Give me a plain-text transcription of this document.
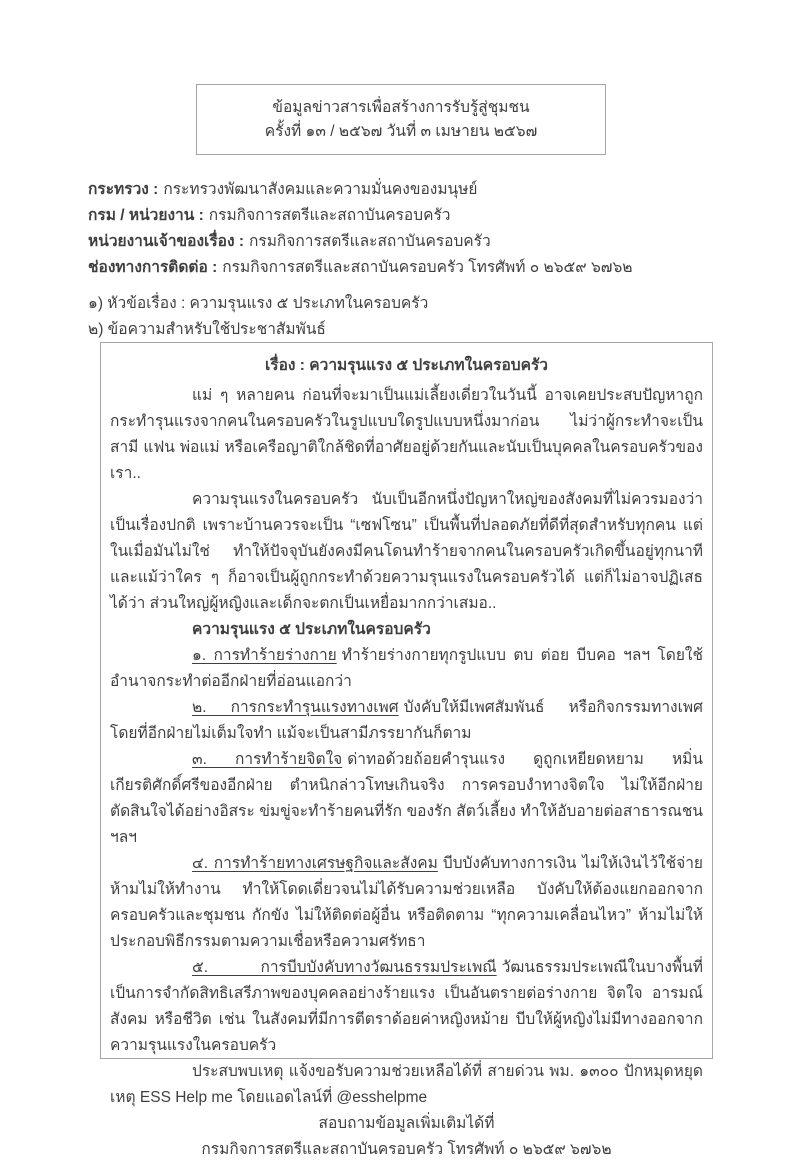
ข้อมูลข่าวสารเพื่อสร้างการรับรู้สู่ชุมชน
ครั้งที่ ๑๓ / ๒๕๖๗ วันที่ ๓ เมษายน ๒๕๖๗
กระทรวง : กระทรวงพัฒนาสังคมและความมั่นคงของมนุษย์
กรม / หน่วยงาน : กรมกิจการสตรีและสถาบันครอบครัว
หน่วยงานเจ้าของเรื่อง : กรมกิจการสตรีและสถาบันครอบครัว
ช่องทางการติดต่อ : กรมกิจการสตรีและสถาบันครอบครัว โทรศัพท์ ๐ ๒๖๕๙ ๖๗๖๒
๑) หัวข้อเรื่อง : ความรุนแรง ๕ ประเภทในครอบครัว
๒) ข้อความสำหรับใช้ประชาสัมพันธ์
เรื่อง : ความรุนแรง ๕ ประเภทในครอบครัว

แม่ ๆ หลายคน ก่อนที่จะมาเป็นแม่เลี้ยงเดี่ยวในวันนี้ อาจเคยประสบปัญหาถูกกระทำรุนแรงจากคนในครอบครัวในรูปแบบใดรูปแบบหนึ่งมาก่อน ไม่ว่าผู้กระทำจะเป็นสามี แฟน พ่อแม่ หรือเครือญาติใกล้ชิดที่อาศัยอยู่ด้วยกันและนับเป็นบุคคลในครอบครัวของเรา..

ความรุนแรงในครอบครัว นับเป็นอีกหนึ่งปัญหาใหญ่ของสังคมที่ไม่ควรมองว่าเป็นเรื่องปกติ เพราะบ้านควรจะเป็น “เซฟโซน” เป็นพื้นที่ปลอดภัยที่ดีที่สุดสำหรับทุกคน แต่ในเมื่อมันไม่ใช่ ทำให้ปัจจุบันยังคงมีคนโดนทำร้ายจากคนในครอบครัวเกิดขึ้นอยู่ทุกนาที และแม้ว่าใคร ๆ ก็อาจเป็นผู้ถูกกระทำด้วยความรุนแรงในครอบครัวได้ แต่ก็ไม่อาจปฏิเสธได้ว่า ส่วนใหญ่ผู้หญิงและเด็กจะตกเป็นเหยื่อมากกว่าเสมอ..

ความรุนแรง ๕ ประเภทในครอบครัว

๑. การทำร้ายร่างกาย ทำร้ายร่างกายทุกรูปแบบ ตบ ต่อย บีบคอ ฯลฯ โดยใช้อำนาจกระทำต่ออีกฝ่ายที่อ่อนแอกว่า

๒. การกระทำรุนแรงทางเพศ บังคับให้มีเพศสัมพันธ์ หรือกิจกรรมทางเพศ โดยที่อีกฝ่ายไม่เต็มใจทำ แม้จะเป็นสามีภรรยากันก็ตาม

๓. การทำร้ายจิตใจ ด่าทอด้วยถ้อยคำรุนแรง ดูถูกเหยียดหยาม หมิ่นเกียรติศักดิ์ศรีของอีกฝ่าย ตำหนิกล่าวโทษเกินจริง การครอบงำทางจิตใจ ไม่ให้อีกฝ่ายตัดสินใจได้อย่างอิสระ ข่มขู่จะทำร้ายคนที่รัก ของรัก สัตว์เลี้ยง ทำให้อับอายต่อสาธารณชน ฯลฯ

๔. การทำร้ายทางเศรษฐกิจและสังคม บีบบังคับทางการเงิน ไม่ให้เงินไว้ใช้จ่าย ห้ามไม่ให้ทำงาน ทำให้โดดเดี่ยวจนไม่ได้รับความช่วยเหลือ บังคับให้ต้องแยกออกจากครอบครัวและชุมชน กักขัง ไม่ให้ติดต่อผู้อื่น หรือติดตาม “ทุกความเคลื่อนไหว” ห้ามไม่ให้ประกอบพิธีกรรมตามความเชื่อหรือความศรัทธา

๕. การบีบบังคับทางวัฒนธรรมประเพณี วัฒนธรรมประเพณีในบางพื้นที่เป็นการจำกัดสิทธิเสรีภาพของบุคคลอย่างร้ายแรง เป็นอันตรายต่อร่างกาย จิตใจ อารมณ์ สังคม หรือชีวิต เช่น ในสังคมที่มีการตีตราด้อยค่าหญิงหม้าย บีบให้ผู้หญิงไม่มีทางออกจากความรุนแรงในครอบครัว

ประสบพบเหตุ แจ้งขอรับความช่วยเหลือได้ที่ สายด่วน พม. ๑๓๐๐ ปักหมุดหยุดเหตุ ESS Help me โดยแอดไลน์ที่ @esshelpme

สอบถามข้อมูลเพิ่มเติมได้ที่
กรมกิจการสตรีและสถาบันครอบครัว โทรศัพท์ ๐ ๒๖๕๙ ๖๗๖๒
